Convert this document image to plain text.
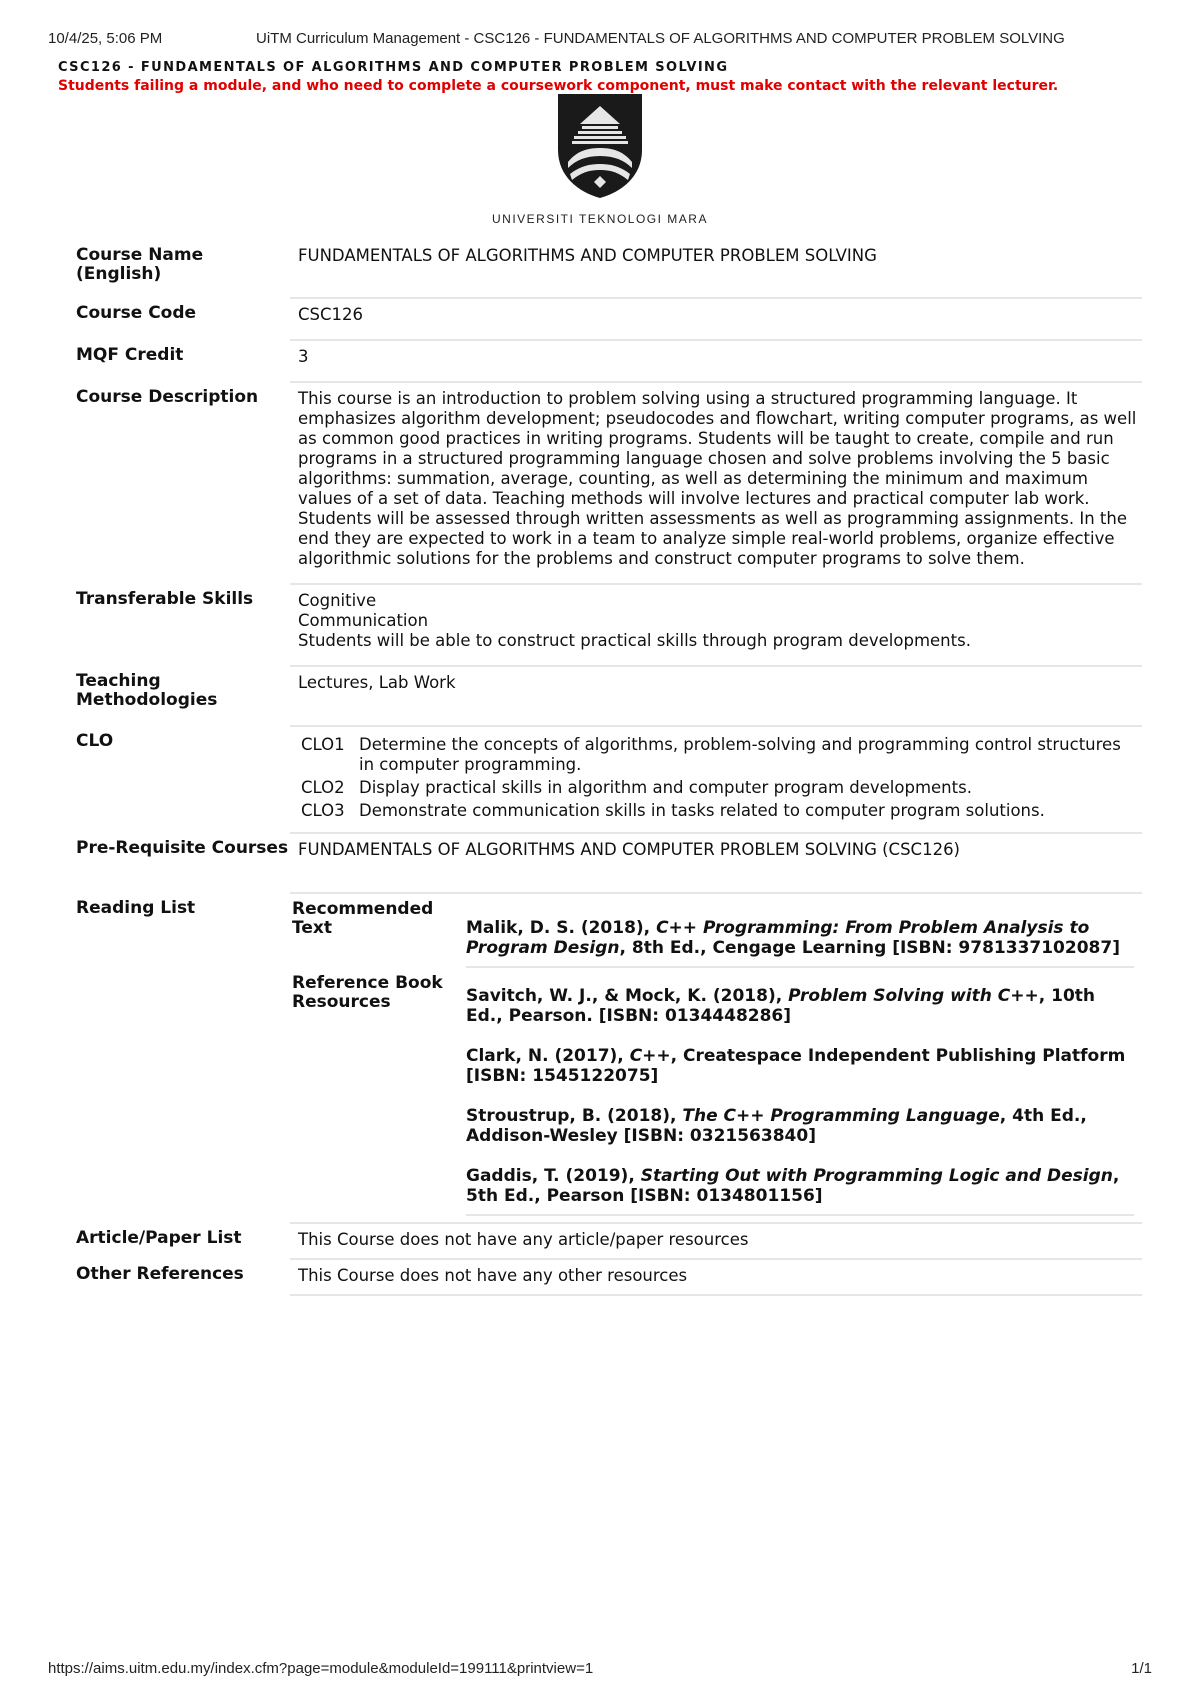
10/4/25, 5:06 PM	UiTM Curriculum Management - CSC126 - FUNDAMENTALS OF ALGORITHMS AND COMPUTER PROBLEM SOLVING
CSC126 - FUNDAMENTALS OF ALGORITHMS AND COMPUTER PROBLEM SOLVING
Students failing a module, and who need to complete a coursework component, must make contact with the relevant lecturer.
UNIVERSITI TEKNOLOGI MARA
Course Name (English)	FUNDAMENTALS OF ALGORITHMS AND COMPUTER PROBLEM SOLVING
Course Code	CSC126
MQF Credit	3
Course Description	This course is an introduction to problem solving using a structured programming language. It emphasizes algorithm development; pseudocodes and flowchart, writing computer programs, as well as common good practices in writing programs. Students will be taught to create, compile and run programs in a structured programming language chosen and solve problems involving the 5 basic algorithms: summation, average, counting, as well as determining the minimum and maximum values of a set of data. Teaching methods will involve lectures and practical computer lab work. Students will be assessed through written assessments as well as programming assignments. In the end they are expected to work in a team to analyze simple real-world problems, organize effective algorithmic solutions for the problems and construct computer programs to solve them.
Transferable Skills	Cognitive
Communication
Students will be able to construct practical skills through program developments.

Teaching Methodologies	Lectures, Lab Work
CLO		CLO1	Determine the concepts of algorithms, problem-solving and programming control structures in computer programming.
CLO2	Display practical skills in algorithm and computer program developments.
CLO3	Demonstrate communication skills in tasks related to computer program solutions.

Pre-Requisite Courses	FUNDAMENTALS OF ALGORITHMS AND COMPUTER PROBLEM SOLVING (CSC126)
Reading List		Recommended Text	Malik, D. S. (2018), C++ Programming: From Problem Analysis to Program Design, 8th Ed., Cengage Learning [ISBN: 9781337102087]

Reference Book Resources	Savitch, W. J., & Mock, K. (2018), Problem Solving with C++, 10th Ed., Pearson. [ISBN: 0134448286]
Clark, N. (2017), C++, Createspace Independent Publishing Platform [ISBN: 1545122075]
Stroustrup, B. (2018), The C++ Programming Language, 4th Ed., Addison-Wesley [ISBN: 0321563840]
Gaddis, T. (2019), Starting Out with Programming Logic and Design, 5th Ed., Pearson [ISBN: 0134801156]

Article/Paper List	This Course does not have any article/paper resources
Other References	This Course does not have any other resources
https://aims.uitm.edu.my/index.cfm?page=module&moduleId=199111&printview=1	1/1
